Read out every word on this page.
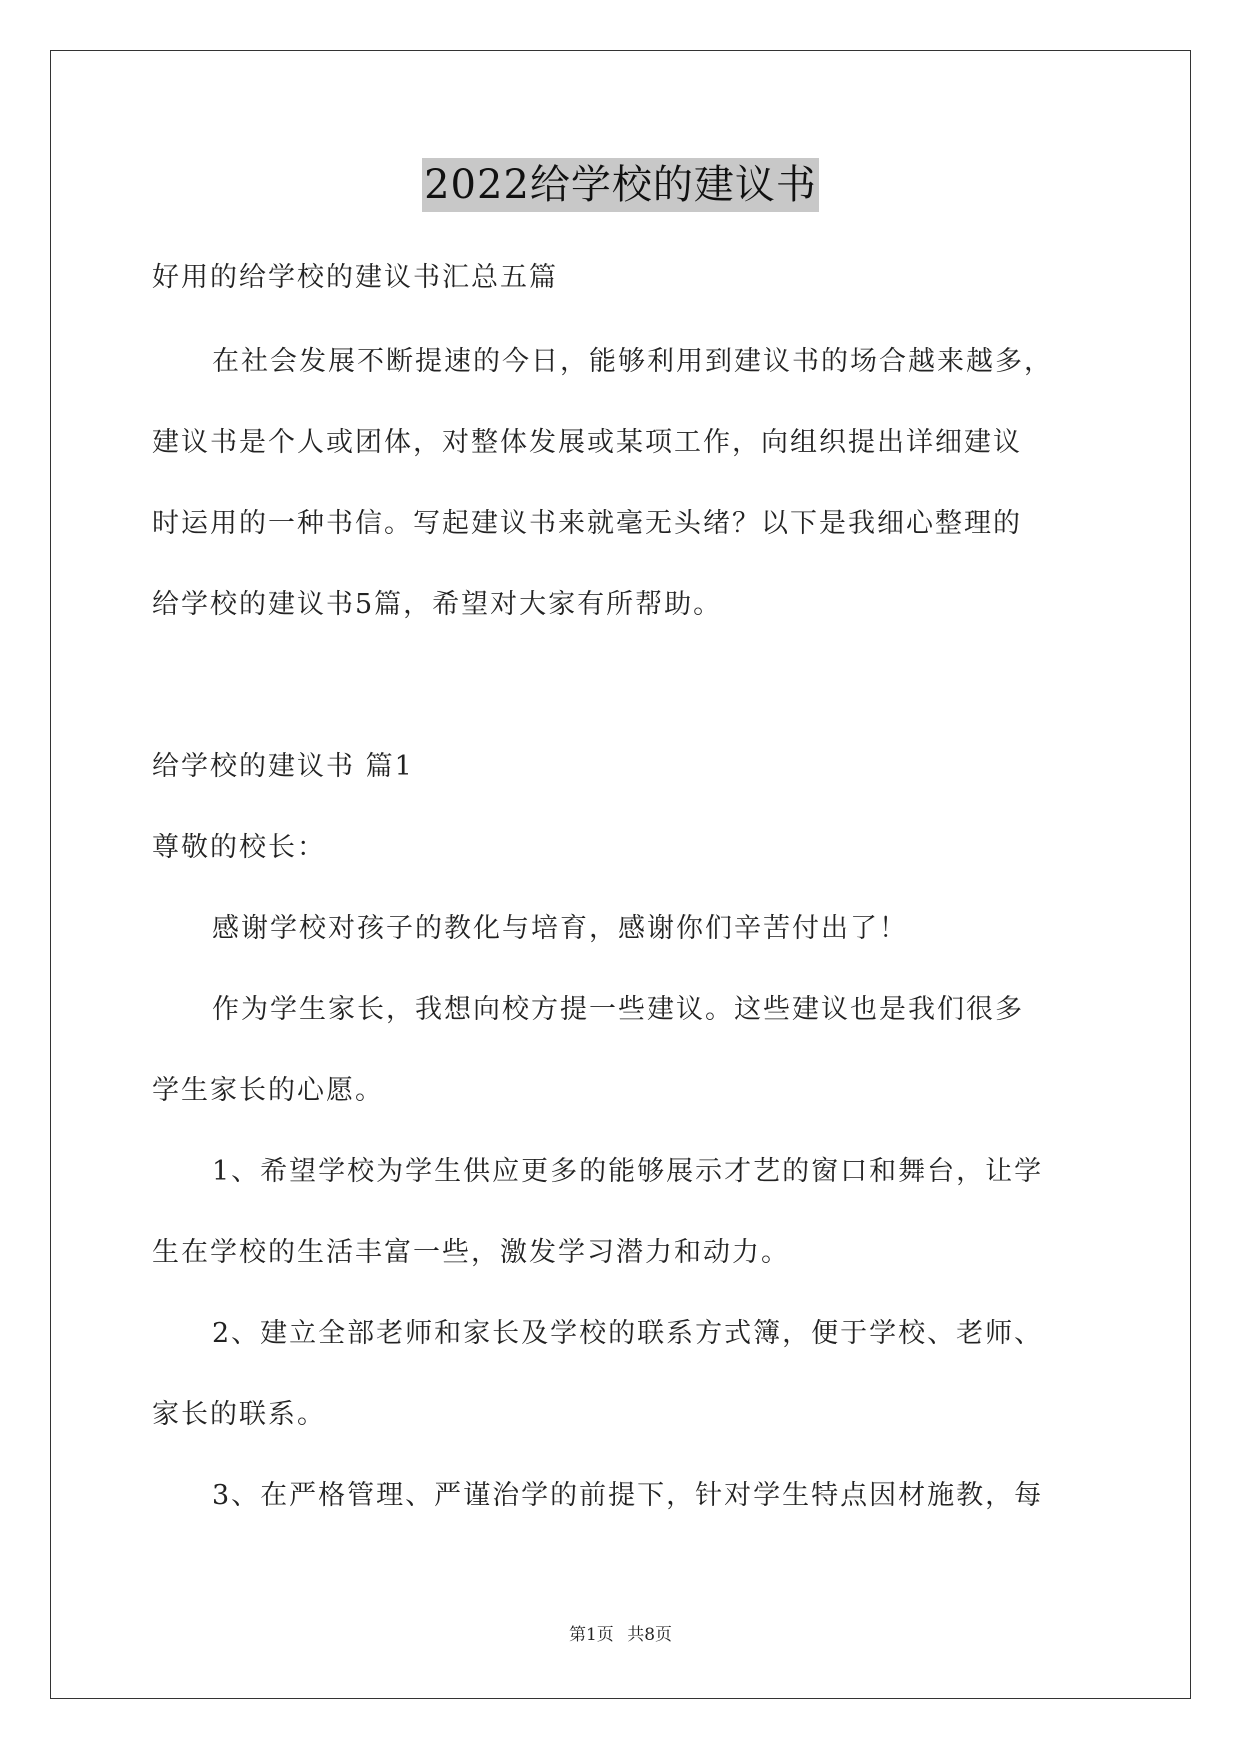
2022给学校的建议书
好用的给学校的建议书汇总五篇
在社会发展不断提速的今日，能够利用到建议书的场合越来越多，
建议书是个人或团体，对整体发展或某项工作，向组织提出详细建议
时运用的一种书信。写起建议书来就毫无头绪？以下是我细心整理的
给学校的建议书5篇，希望对大家有所帮助。
给学校的建议书 篇1
尊敬的校长：
感谢学校对孩子的教化与培育，感谢你们辛苦付出了！
作为学生家长，我想向校方提一些建议。这些建议也是我们很多
学生家长的心愿。
1、希望学校为学生供应更多的能够展示才艺的窗口和舞台，让学
生在学校的生活丰富一些，激发学习潜力和动力。
2、建立全部老师和家长及学校的联系方式簿，便于学校、老师、
家长的联系。
3、在严格管理、严谨治学的前提下，针对学生特点因材施教，每
第1页 共8页
